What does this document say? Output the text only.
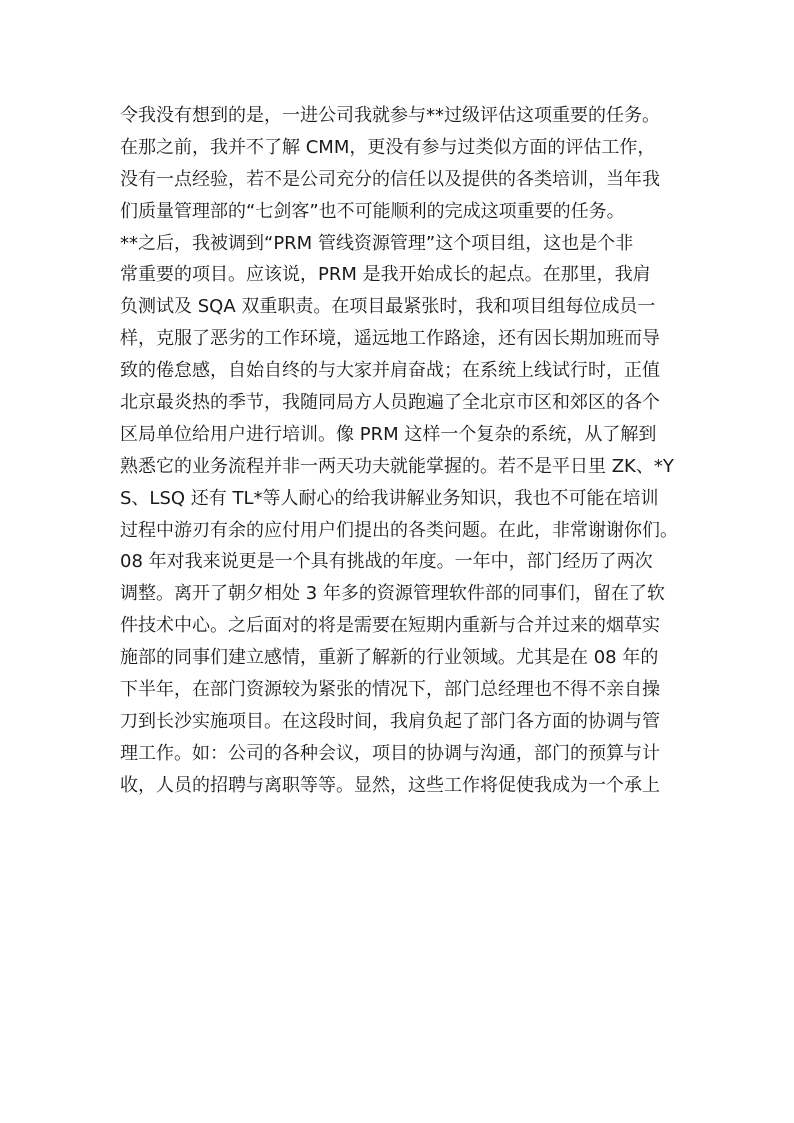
令我没有想到的是，一进公司我就参与**过级评估这项重要的任务。
在那之前，我并不了解 CMM，更没有参与过类似方面的评估工作，
没有一点经验，若不是公司充分的信任以及提供的各类培训，当年我
们质量管理部的“七剑客”也不可能顺利的完成这项重要的任务。
**之后，我被调到“PRM 管线资源管理”这个项目组，这也是个非
常重要的项目。应该说，PRM 是我开始成长的起点。在那里，我肩
负测试及 SQA 双重职责。在项目最紧张时，我和项目组每位成员一
样，克服了恶劣的工作环境，遥远地工作路途，还有因长期加班而导
致的倦怠感，自始自终的与大家并肩奋战；在系统上线试行时，正值
北京最炎热的季节，我随同局方人员跑遍了全北京市区和郊区的各个
区局单位给用户进行培训。像 PRM 这样一个复杂的系统，从了解到
熟悉它的业务流程并非一两天功夫就能掌握的。若不是平日里 ZK、*Y
S、LSQ 还有 TL*等人耐心的给我讲解业务知识，我也不可能在培训
过程中游刃有余的应付用户们提出的各类问题。在此，非常谢谢你们。
08 年对我来说更是一个具有挑战的年度。一年中，部门经历了两次
调整。离开了朝夕相处 3 年多的资源管理软件部的同事们，留在了软
件技术中心。之后面对的将是需要在短期内重新与合并过来的烟草实
施部的同事们建立感情，重新了解新的行业领域。尤其是在 08 年的
下半年，在部门资源较为紧张的情况下，部门总经理也不得不亲自操
刀到长沙实施项目。在这段时间，我肩负起了部门各方面的协调与管
理工作。如：公司的各种会议，项目的协调与沟通，部门的预算与计
收，人员的招聘与离职等等。显然，这些工作将促使我成为一个承上
